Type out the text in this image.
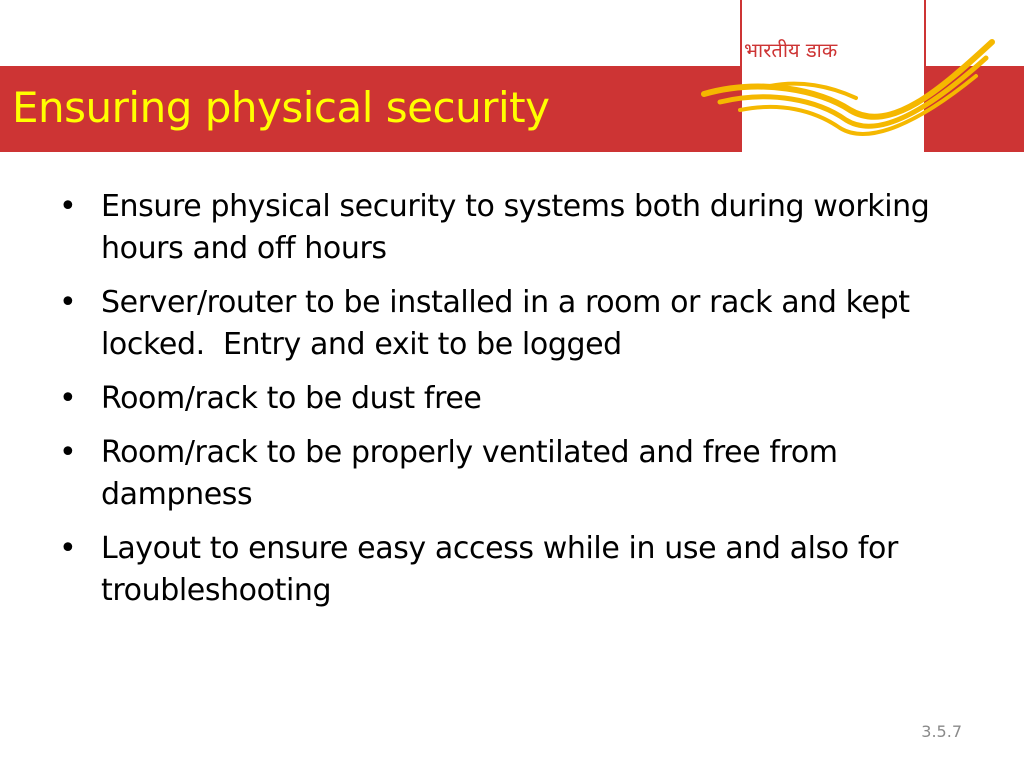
भारतीय डाक
Ensuring physical security
• Ensure physical security to systems both during working hours and off hours
• Server/router to be installed in a room or rack and kept locked.  Entry and exit to be logged
• Room/rack to be dust free
• Room/rack to be properly ventilated and free from dampness
• Layout to ensure easy access while in use and also for troubleshooting
3.5.7
